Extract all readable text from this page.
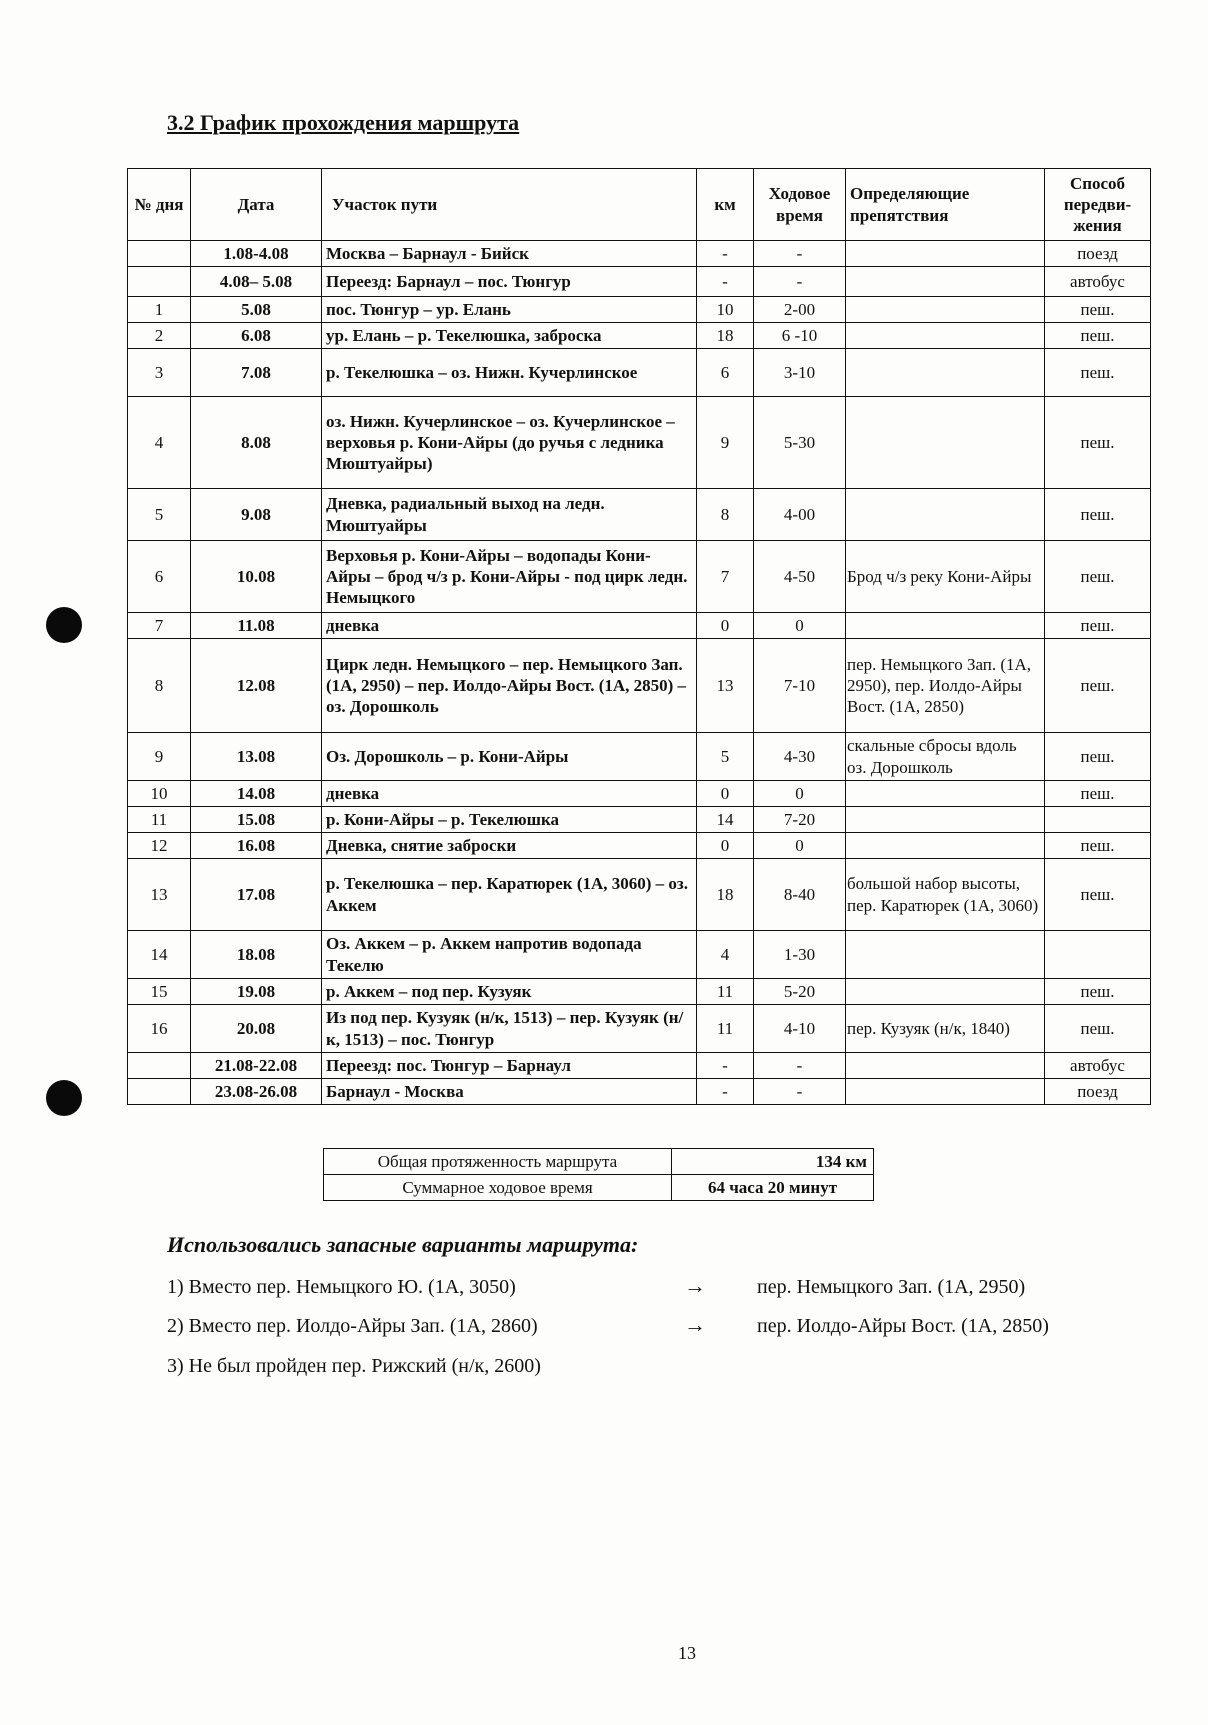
3.2 График прохождения маршрута
№ дня	Дата	Участок пути	км	Ходовое время	Определяющие препятствия	Способ передви-жения
	1.08-4.08	Москва – Барнаул - Бийск	-	-		поезд
	4.08– 5.08	Переезд: Барнаул – пос. Тюнгур	-	-		автобус
1	5.08	пос. Тюнгур – ур. Елань	10	2-00		пеш.
2	6.08	ур. Елань – р. Текелюшка, заброска	18	6 -10		пеш.
3	7.08	р. Текелюшка – оз. Нижн. Кучерлинское	6	3-10		пеш.
4	8.08	оз. Нижн. Кучерлинское – оз. Кучерлинское – верховья р. Кони-Айры (до ручья с ледника Мюштуайры)	9	5-30		пеш.
5	9.08	Дневка, радиальный выход на ледн. Мюштуайры	8	4-00		пеш.
6	10.08	Верховья р. Кони-Айры – водопады Кони-Айры – брод ч/з р. Кони-Айры - под цирк ледн. Немыцкого	7	4-50	Брод ч/з реку Кони-Айры	пеш.
7	11.08	дневка	0	0		пеш.
8	12.08	Цирк ледн. Немыцкого – пер. Немыцкого Зап. (1А, 2950) – пер. Иолдо-Айры Вост. (1А, 2850) – оз. Дорошколь	13	7-10	пер. Немыцкого Зап. (1А, 2950), пер. Иолдо-Айры Вост. (1А, 2850)	пеш.
9	13.08	Оз. Дорошколь – р. Кони-Айры	5	4-30	скальные сбросы вдоль оз. Дорошколь	пеш.
10	14.08	дневка	0	0		пеш.
11	15.08	р. Кони-Айры – р. Текелюшка	14	7-20		
12	16.08	Дневка, снятие заброски	0	0		пеш.
13	17.08	р. Текелюшка – пер. Каратюрек (1А, 3060) – оз. Аккем	18	8-40	большой набор высоты, пер. Каратюрек (1А, 3060)	пеш.
14	18.08	Оз. Аккем – р. Аккем напротив водопада Текелю	4	1-30		
15	19.08	р. Аккем – под пер. Кузуяк	11	5-20		пеш.
16	20.08	Из под пер. Кузуяк (н/к, 1513) – пер. Кузуяк (н/к, 1513) – пос. Тюнгур	11	4-10	пер. Кузуяк (н/к, 1840)	пеш.
	21.08-22.08	Переезд: пос. Тюнгур – Барнаул	-	-		автобус
	23.08-26.08	Барнаул - Москва	-	-		поезд
Общая протяженность маршрута	134 км
Суммарное ходовое время	64 часа 20 минут
Использовались запасные варианты маршрута:
1) Вместо пер. Немыцкого Ю. (1А, 3050)	→	пер. Немыцкого Зап. (1А, 2950)
2) Вместо пер. Иолдо-Айры Зап. (1А, 2860)	→	пер. Иолдо-Айры Вост. (1А, 2850)
3) Не был пройден пер. Рижский (н/к, 2600)
13
